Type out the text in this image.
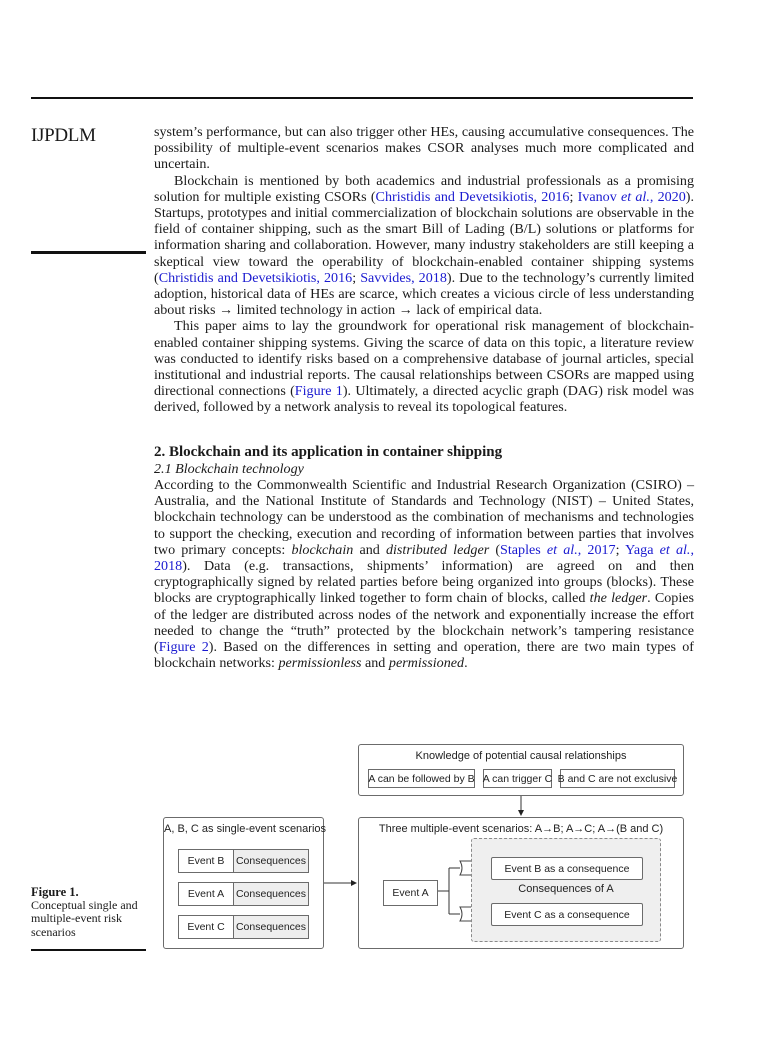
IJPDLM	system’s performance, but can also trigger other HEs, causing accumulative consequences. The possibility of multiple-event scenarios makes CSOR analyses much more complicated and uncertain.

Blockchain is mentioned by both academics and industrial professionals as a promising solution for multiple existing CSORs (Christidis and Devetsikiotis, 2016; Ivanov et al., 2020). Startups, prototypes and initial commercialization of blockchain solutions are observable in the field of container shipping, such as the smart Bill of Lading (B/L) solutions or platforms for information sharing and collaboration. However, many industry stakeholders are still keeping a skeptical view toward the operability of blockchain-enabled container shipping systems (Christidis and Devetsikiotis, 2016; Savvides, 2018). Due to the technology’s currently limited adoption, historical data of HEs are scarce, which creates a vicious circle of less understanding about risks → limited technology in action → lack of empirical data.

This paper aims to lay the groundwork for operational risk management of blockchain-enabled container shipping systems. Giving the scarce of data on this topic, a literature review was conducted to identify risks based on a comprehensive database of journal articles, special institutional and industrial reports. The causal relationships between CSORs are mapped using directional connections (Figure 1). Ultimately, a directed acyclic graph (DAG) risk model was derived, followed by a network analysis to reveal its topological features.

2. Blockchain and its application in container shipping
2.1 Blockchain technology

According to the Commonwealth Scientific and Industrial Research Organization (CSIRO) – Australia, and the National Institute of Standards and Technology (NIST) – United States, blockchain technology can be understood as the combination of mechanisms and technologies to support the checking, execution and recording of information between parties that involves two primary concepts: blockchain and distributed ledger (Staples et al., 2017; Yaga et al., 2018). Data (e.g. transactions, shipments’ information) are agreed on and then cryptographically signed by related parties before being organized into groups (blocks). These blocks are cryptographically linked together to form chain of blocks, called the ledger. Copies of the ledger are distributed across nodes of the network and exponentially increase the effort needed to change the “truth” protected by the blockchain network’s tampering resistance (Figure 2). Based on the differences in setting and operation, there are two main types of blockchain networks: permissionless and permissioned.

Knowledge of potential causal relationships
A can be followed by B A can trigger C B and C are not exclusive
A, B, C as single-event scenarios
Event B	Consequences
Event A	Consequences
Event C	Consequences
Three multiple-event scenarios: A→B; A→C; A→(B and C)
Consequences of A
Event A
Event B as a consequence
Event C as a consequence
Figure 1.
Conceptual single and multiple-event risk scenarios
